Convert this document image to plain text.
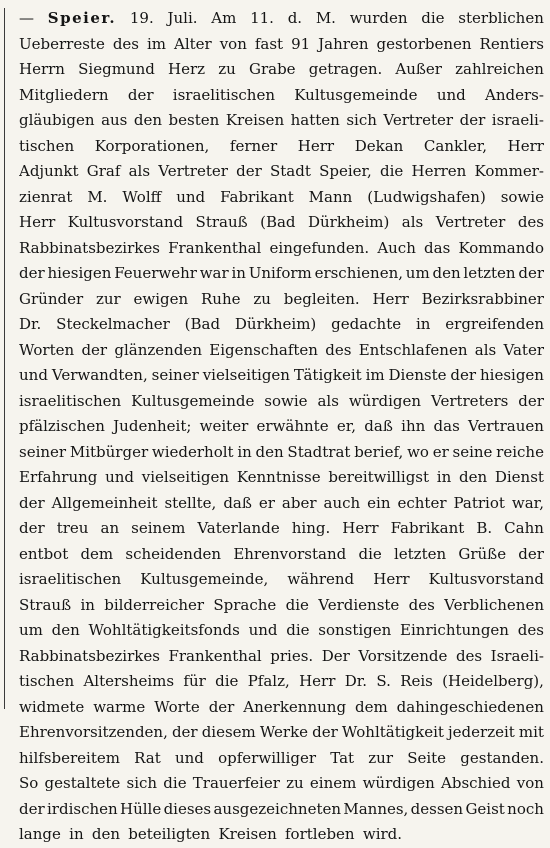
— Speier. 19. Juli. Am 11. d. M. wurden die sterblichen
Ueberreste des im Alter von fast 91 Jahren gestorbenen Rentiers
Herrn Siegmund Herz zu Grabe getragen. Außer zahlreichen
Mitgliedern der israelitischen Kultusgemeinde und Anders-
gläubigen aus den besten Kreisen hatten sich Vertreter der israeli-
tischen Korporationen, ferner Herr Dekan Cankler, Herr
Adjunkt Graf als Vertreter der Stadt Speier, die Herren Kommer-
zienrat M. Wolff und Fabrikant Mann (Ludwigshafen) sowie
Herr Kultusvorstand Strauß (Bad Dürkheim) als Vertreter des
Rabbinatsbezirkes Frankenthal eingefunden. Auch das Kommando
der hiesigen Feuerwehr war in Uniform erschienen, um den letzten der
Gründer zur ewigen Ruhe zu begleiten. Herr Bezirksrabbiner
Dr. Steckelmacher (Bad Dürkheim) gedachte in ergreifenden
Worten der glänzenden Eigenschaften des Entschlafenen als Vater
und Verwandten, seiner vielseitigen Tätigkeit im Dienste der hiesigen
israelitischen Kultusgemeinde sowie als würdigen Vertreters der
pfälzischen Judenheit; weiter erwähnte er, daß ihn das Vertrauen
seiner Mitbürger wiederholt in den Stadtrat berief, wo er seine reiche
Erfahrung und vielseitigen Kenntnisse bereitwilligst in den Dienst
der Allgemeinheit stellte, daß er aber auch ein echter Patriot war,
der treu an seinem Vaterlande hing. Herr Fabrikant B. Cahn
entbot dem scheidenden Ehrenvorstand die letzten Grüße der
israelitischen Kultusgemeinde, während Herr Kultusvorstand
Strauß in bilderreicher Sprache die Verdienste des Verblichenen
um den Wohltätigkeitsfonds und die sonstigen Einrichtungen des
Rabbinatsbezirkes Frankenthal pries. Der Vorsitzende des Israeli-
tischen Altersheims für die Pfalz, Herr Dr. S. Reis (Heidelberg),
widmete warme Worte der Anerkennung dem dahingeschiedenen
Ehrenvorsitzenden, der diesem Werke der Wohltätigkeit jederzeit mit
hilfsbereitem Rat und opferwilliger Tat zur Seite gestanden.
So gestaltete sich die Trauerfeier zu einem würdigen Abschied von
der irdischen Hülle dieses ausgezeichneten Mannes, dessen Geist noch
lange in den beteiligten Kreisen fortleben wird.
